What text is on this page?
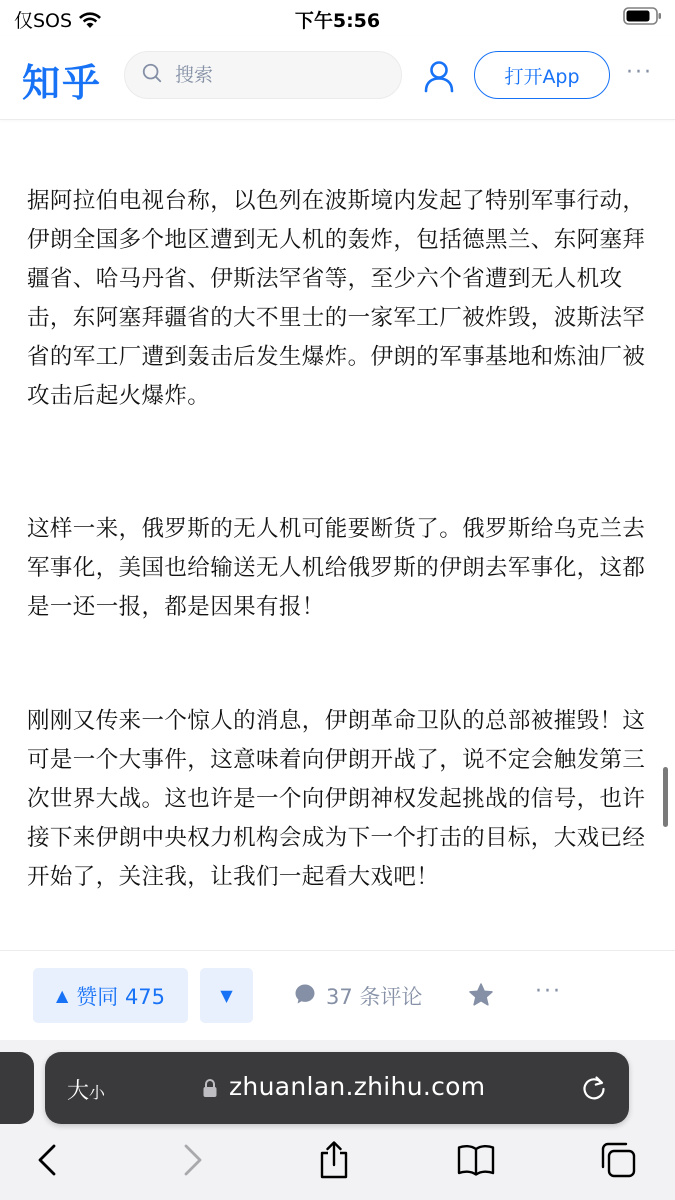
仅SOS	下午5:56
知乎
搜索	打开App	···

据阿拉伯电视台称，以色列在波斯境内发起了特别军事行动，伊朗全国多个地区遭到无人机的轰炸，包括德黑兰、东阿塞拜疆省、哈马丹省、伊斯法罕省等，至少六个省遭到无人机攻击，东阿塞拜疆省的大不里士的一家军工厂被炸毁，波斯法罕省的军工厂遭到轰击后发生爆炸。伊朗的军事基地和炼油厂被攻击后起火爆炸。

这样一来，俄罗斯的无人机可能要断货了。俄罗斯给乌克兰去军事化，美国也给输送无人机给俄罗斯的伊朗去军事化，这都是一还一报，都是因果有报！

刚刚又传来一个惊人的消息，伊朗革命卫队的总部被摧毁！这可是一个大事件，这意味着向伊朗开战了，说不定会触发第三次世界大战。这也许是一个向伊朗神权发起挑战的信号，也许接下来伊朗中央权力机构会成为下一个打击的目标，大戏已经开始了，关注我，让我们一起看大戏吧！

▲ 赞同 475	▼	37 条评论	···
大小	zhuanlan.zhihu.com
